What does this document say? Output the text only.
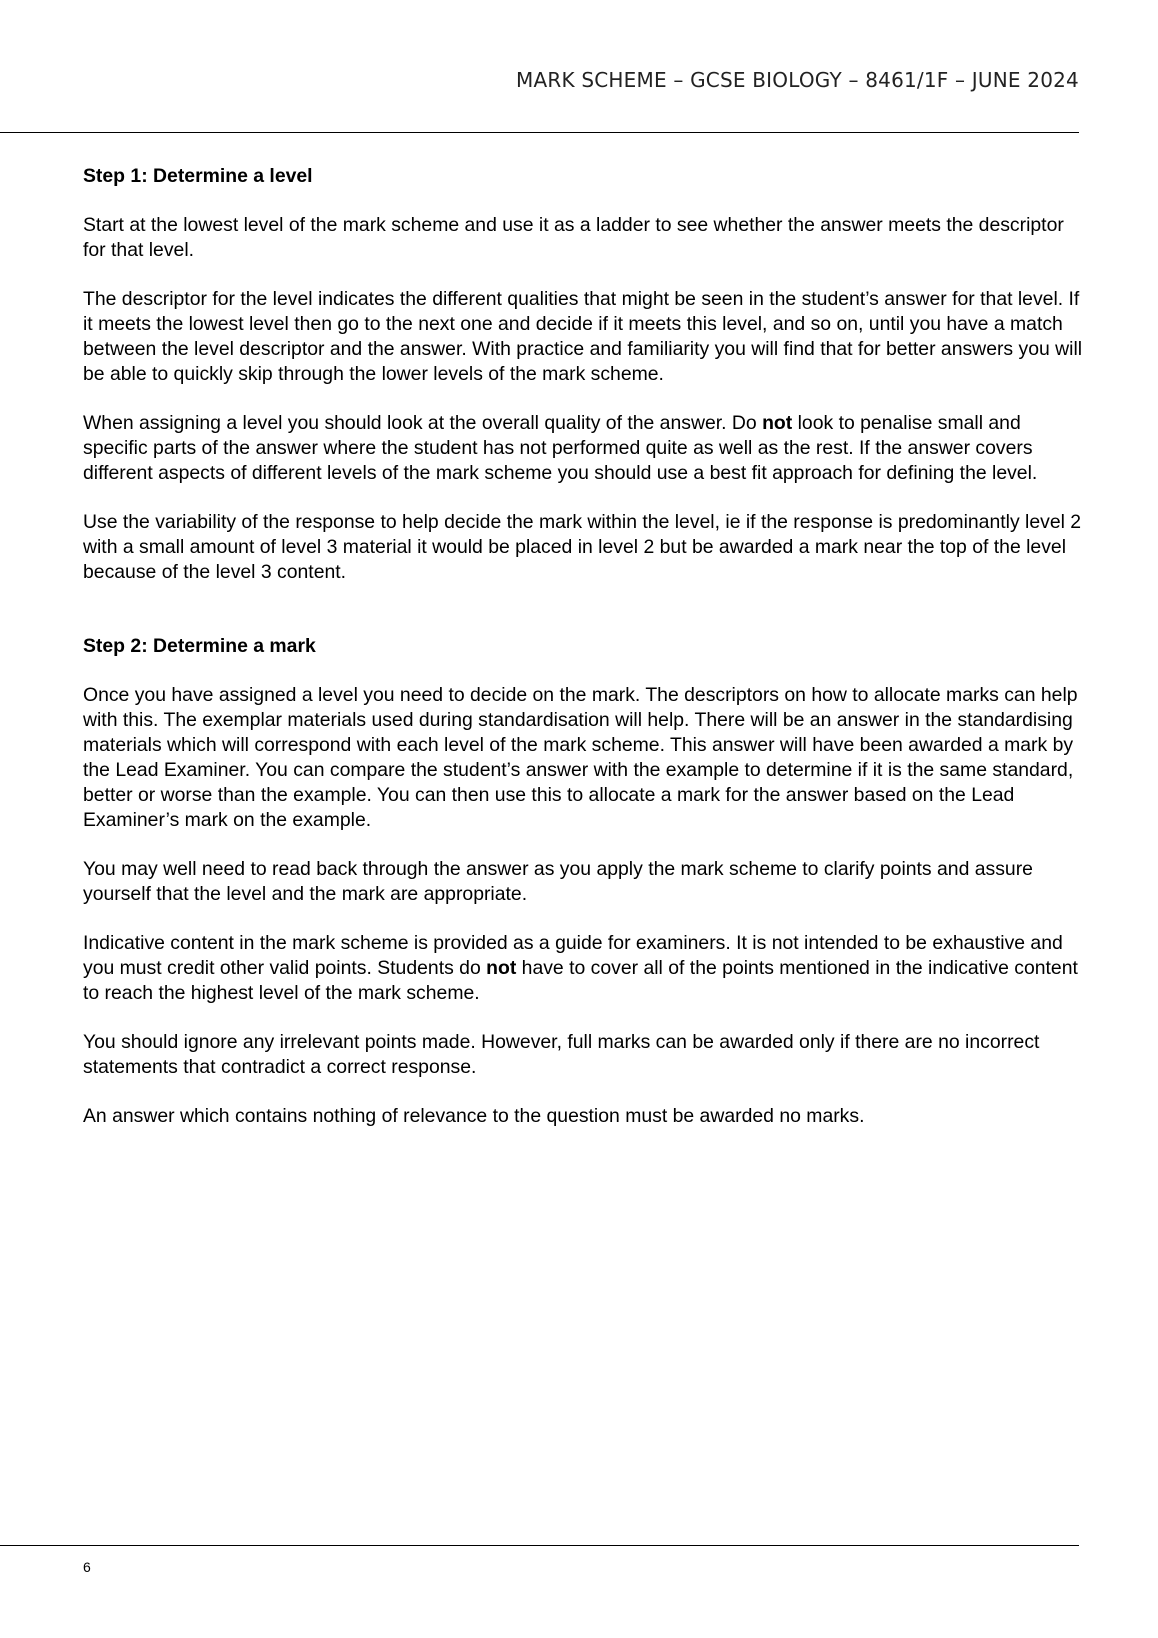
MARK SCHEME – GCSE BIOLOGY – 8461/1F – JUNE 2024
Step 1: Determine a level

Start at the lowest level of the mark scheme and use it as a ladder to see whether the answer meets the descriptor for that level.

The descriptor for the level indicates the different qualities that might be seen in the student’s answer for that level. If it meets the lowest level then go to the next one and decide if it meets this level, and so on, until you have a match between the level descriptor and the answer. With practice and familiarity you will find that for better answers you will be able to quickly skip through the lower levels of the mark scheme.

When assigning a level you should look at the overall quality of the answer. Do not look to penalise small and specific parts of the answer where the student has not performed quite as well as the rest. If the answer covers different aspects of different levels of the mark scheme you should use a best fit approach for defining the level.

Use the variability of the response to help decide the mark within the level, ie if the response is predominantly level 2 with a small amount of level 3 material it would be placed in level 2 but be awarded a mark near the top of the level because of the level 3 content.

Step 2: Determine a mark

Once you have assigned a level you need to decide on the mark. The descriptors on how to allocate marks can help with this. The exemplar materials used during standardisation will help. There will be an answer in the standardising materials which will correspond with each level of the mark scheme. This answer will have been awarded a mark by the Lead Examiner. You can compare the student’s answer with the example to determine if it is the same standard, better or worse than the example. You can then use this to allocate a mark for the answer based on the Lead Examiner’s mark on the example.

You may well need to read back through the answer as you apply the mark scheme to clarify points and assure yourself that the level and the mark are appropriate.

Indicative content in the mark scheme is provided as a guide for examiners. It is not intended to be exhaustive and you must credit other valid points. Students do not have to cover all of the points mentioned in the indicative content to reach the highest level of the mark scheme.

You should ignore any irrelevant points made. However, full marks can be awarded only if there are no incorrect statements that contradict a correct response.

An answer which contains nothing of relevance to the question must be awarded no marks.

6
